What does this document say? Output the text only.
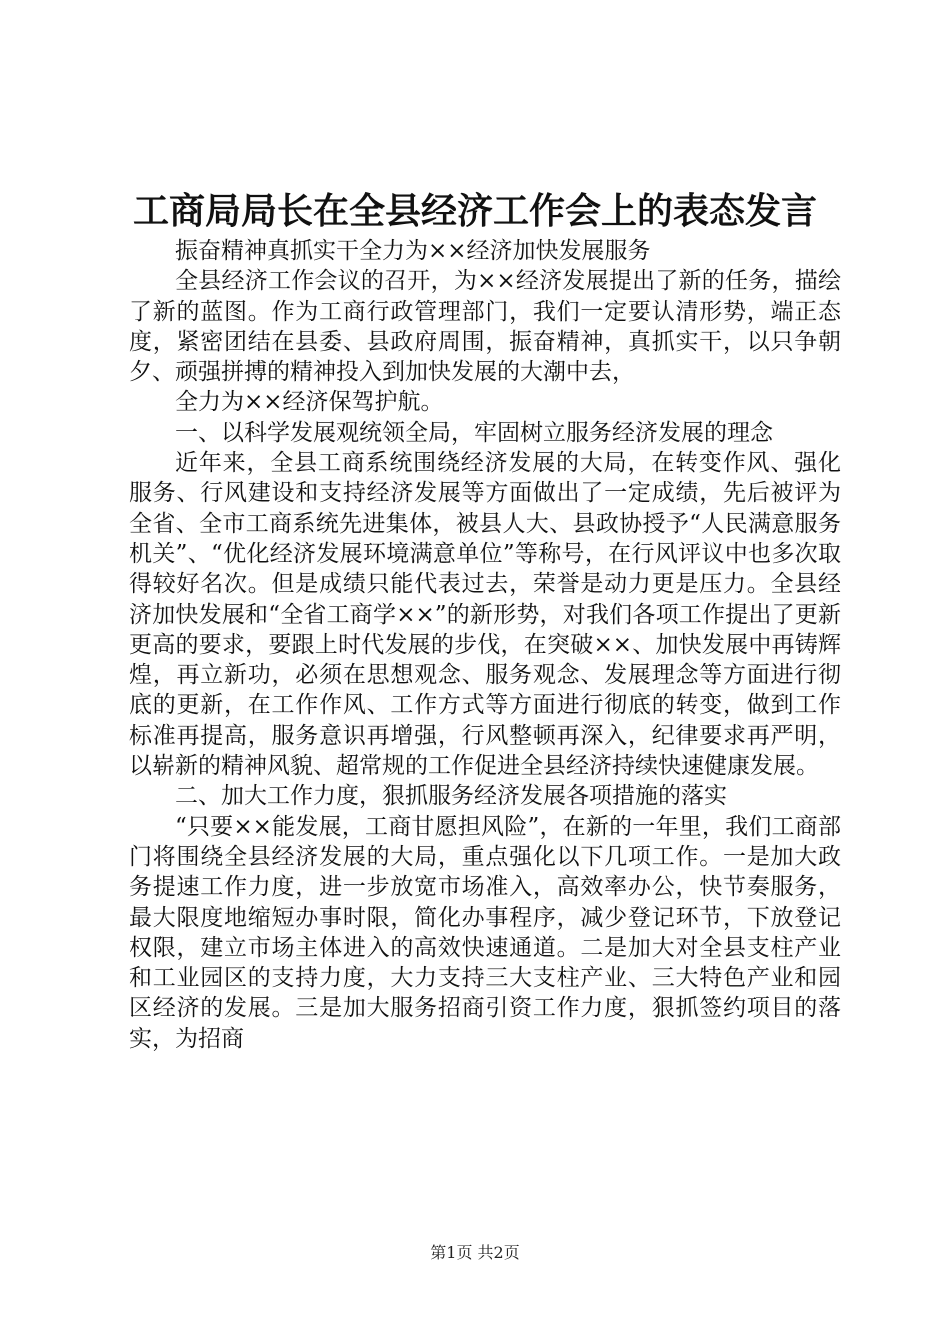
工商局局长在全县经济工作会上的表态发言

振奋精神真抓实干全力为××经济加快发展服务

全县经济工作会议的召开，为××经济发展提出了新的任务，描绘了新的蓝图。作为工商行政管理部门，我们一定要认清形势，端正态度，紧密团结在县委、县政府周围，振奋精神，真抓实干，以只争朝夕、顽强拼搏的精神投入到加快发展的大潮中去，

全力为××经济保驾护航。

一、以科学发展观统领全局，牢固树立服务经济发展的理念

近年来，全县工商系统围绕经济发展的大局，在转变作风、强化服务、行风建设和支持经济发展等方面做出了一定成绩，先后被评为全省、全市工商系统先进集体，被县人大、县政协授予“人民满意服务机关”、“优化经济发展环境满意单位”等称号，在行风评议中也多次取得较好名次。但是成绩只能代表过去，荣誉是动力更是压力。全县经济加快发展和“全省工商学××”的新形势，对我们各项工作提出了更新更高的要求，要跟上时代发展的步伐，在突破××、加快发展中再铸辉煌，再立新功，必须在思想观念、服务观念、发展理念等方面进行彻底的更新，在工作作风、工作方式等方面进行彻底的转变，做到工作标准再提高，服务意识再增强，行风整顿再深入，纪律要求再严明，以崭新的精神风貌、超常规的工作促进全县经济持续快速健康发展。

二、加大工作力度，狠抓服务经济发展各项措施的落实

“只要××能发展，工商甘愿担风险”，在新的一年里，我们工商部门将围绕全县经济发展的大局，重点强化以下几项工作。一是加大政务提速工作力度，进一步放宽市场准入，高效率办公，快节奏服务，最大限度地缩短办事时限，简化办事程序，减少登记环节，下放登记权限，建立市场主体进入的高效快速通道。二是加大对全县支柱产业和工业园区的支持力度，大力支持三大支柱产业、三大特色产业和园区经济的发展。三是加大服务招商引资工作力度，狠抓签约项目的落实，为招商

第1页 共2页
